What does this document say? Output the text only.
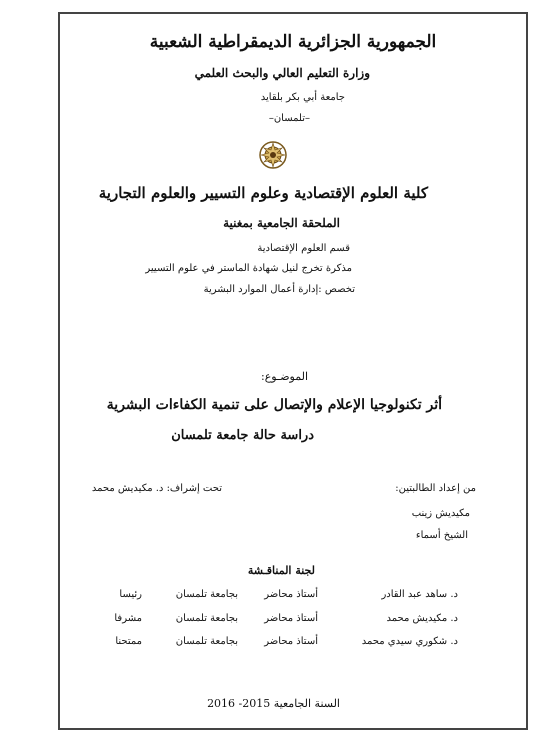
الجمهورية الجزائرية الديمقراطية الشعبية
وزارة التعليم العالي والبحث العلمي
جامعة أبي بكر بلقايد
–تلمسان–
كلية العلوم الإقتصادية وعلوم التسيير والعلوم التجارية
الملحقة الجامعية بمغنية
قسم العلوم الإقتصادية
مذكرة تخرج لنيل شهادة الماستر في علوم التسيير
تخصص :إدارة أعمال الموارد البشرية
الموضـوع:
أثر تكنولوجيا الإعلام والإتصال على تنمية الكفاءات البشرية
دراسة حالة جامعة تلمسان
من إعداد الطالبتين:
تحت إشراف: د. مكيديش محمد
مكيديش زينب
الشيخ أسماء
لجنة المناقـشة
د. ساهد عبد القادر
أستاذ محاضر
بجامعة تلمسان
رئيسا
د. مكيديش محمد
أستاذ محاضر
بجامعة تلمسان
مشرفا
د. شكوري سيدي محمد
أستاذ محاضر
بجامعة تلمسان
ممتحنا
السنة الجامعية 2015- 2016
